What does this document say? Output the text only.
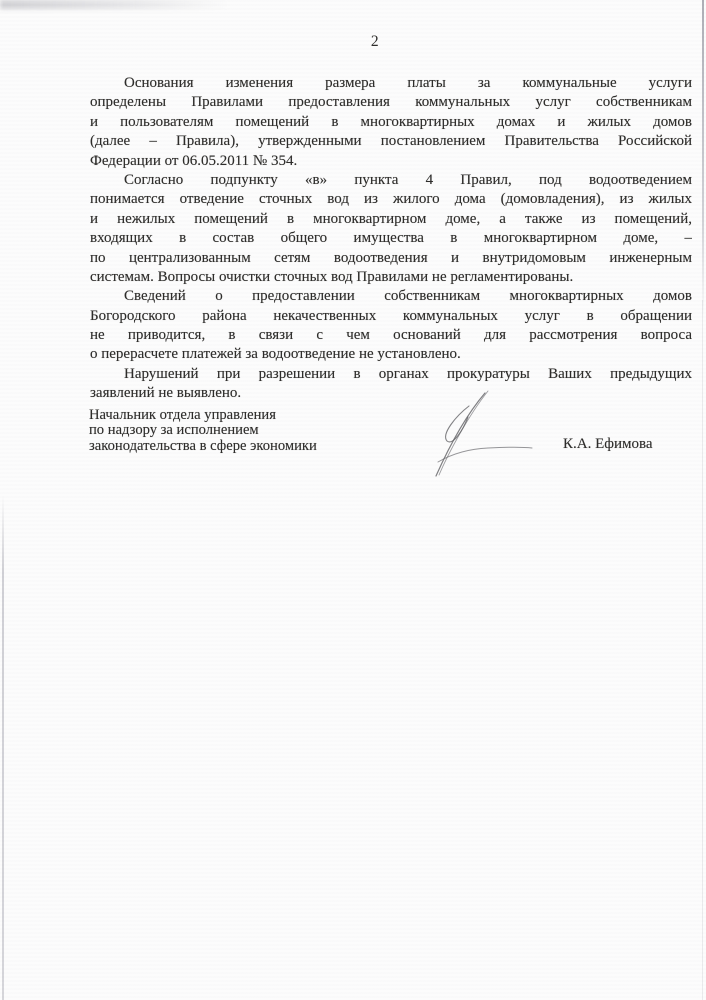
2
Основания изменения размера платы за коммунальные услуги
определены Правилами предоставления коммунальных услуг собственникам
и пользователям помещений в многоквартирных домах и жилых домов
(далее – Правила), утвержденными постановлением Правительства Российской
Федерации от 06.05.2011 № 354.
Согласно подпункту «в» пункта 4 Правил, под водоотведением
понимается отведение сточных вод из жилого дома (домовладения), из жилых
и нежилых помещений в многоквартирном доме, а также из помещений,
входящих в состав общего имущества в многоквартирном доме, –
по централизованным сетям водоотведения и внутридомовым инженерным
системам. Вопросы очистки сточных вод Правилами не регламентированы.
Сведений о предоставлении собственникам многоквартирных домов
Богородского района некачественных коммунальных услуг в обращении
не приводится, в связи с чем оснований для рассмотрения вопроса
о перерасчете платежей за водоотведение не установлено.
Нарушений при разрешении в органах прокуратуры Ваших предыдущих
заявлений не выявлено.
Начальник отдела управления
по надзору за исполнением
законодательства в сфере экономики	К.А. Ефимова
